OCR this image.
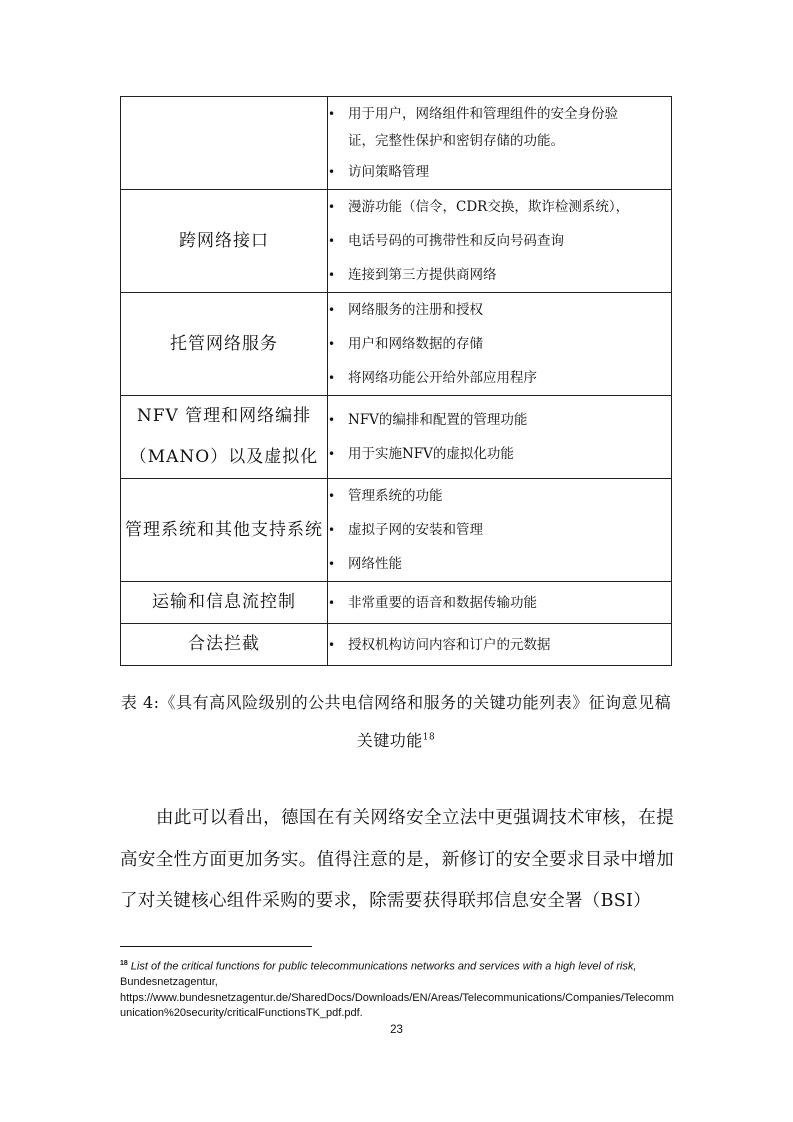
	• 用于用户，网络组件和管理组件的安全身份验
证，完整性保护和密钥存储的功能。
• 访问策略管理

跨网络接口	• 漫游功能（信令，CDR交换，欺诈检测系统），
• 电话号码的可携带性和反向号码查询
• 连接到第三方提供商网络

托管网络服务	• 网络服务的注册和授权
• 用户和网络数据的存储
• 将网络功能公开给外部应用程序

NFV 管理和网络编排（MANO）以及虚拟化	• NFV的编排和配置的管理功能
• 用于实施NFV的虚拟化功能

管理系统和其他支持系统	• 管理系统的功能
• 虚拟子网的安装和管理
• 网络性能

运输和信息流控制	• 非常重要的语音和数据传输功能

合法拦截	• 授权机构访问内容和订户的元数据
表 4:《具有高风险级别的公共电信网络和服务的关键功能列表》征询意见稿关键功能$^{18}$
由此可以看出，德国在有关网络安全立法中更强调技术审核，在提高安全性方面更加务实。值得注意的是，新修订的安全要求目录中增加了对关键核心组件采购的要求，除需要获得联邦信息安全署（BSI）
$^{18}$ List of the critical functions for public telecommunications networks and services with a high level of risk,
Bundesnetzagentur,
https://www.bundesnetzagentur.de/SharedDocs/Downloads/EN/Areas/Telecommunications/Companies/Telecommunication%20security/criticalFunctionsTK_pdf.pdf.
23
